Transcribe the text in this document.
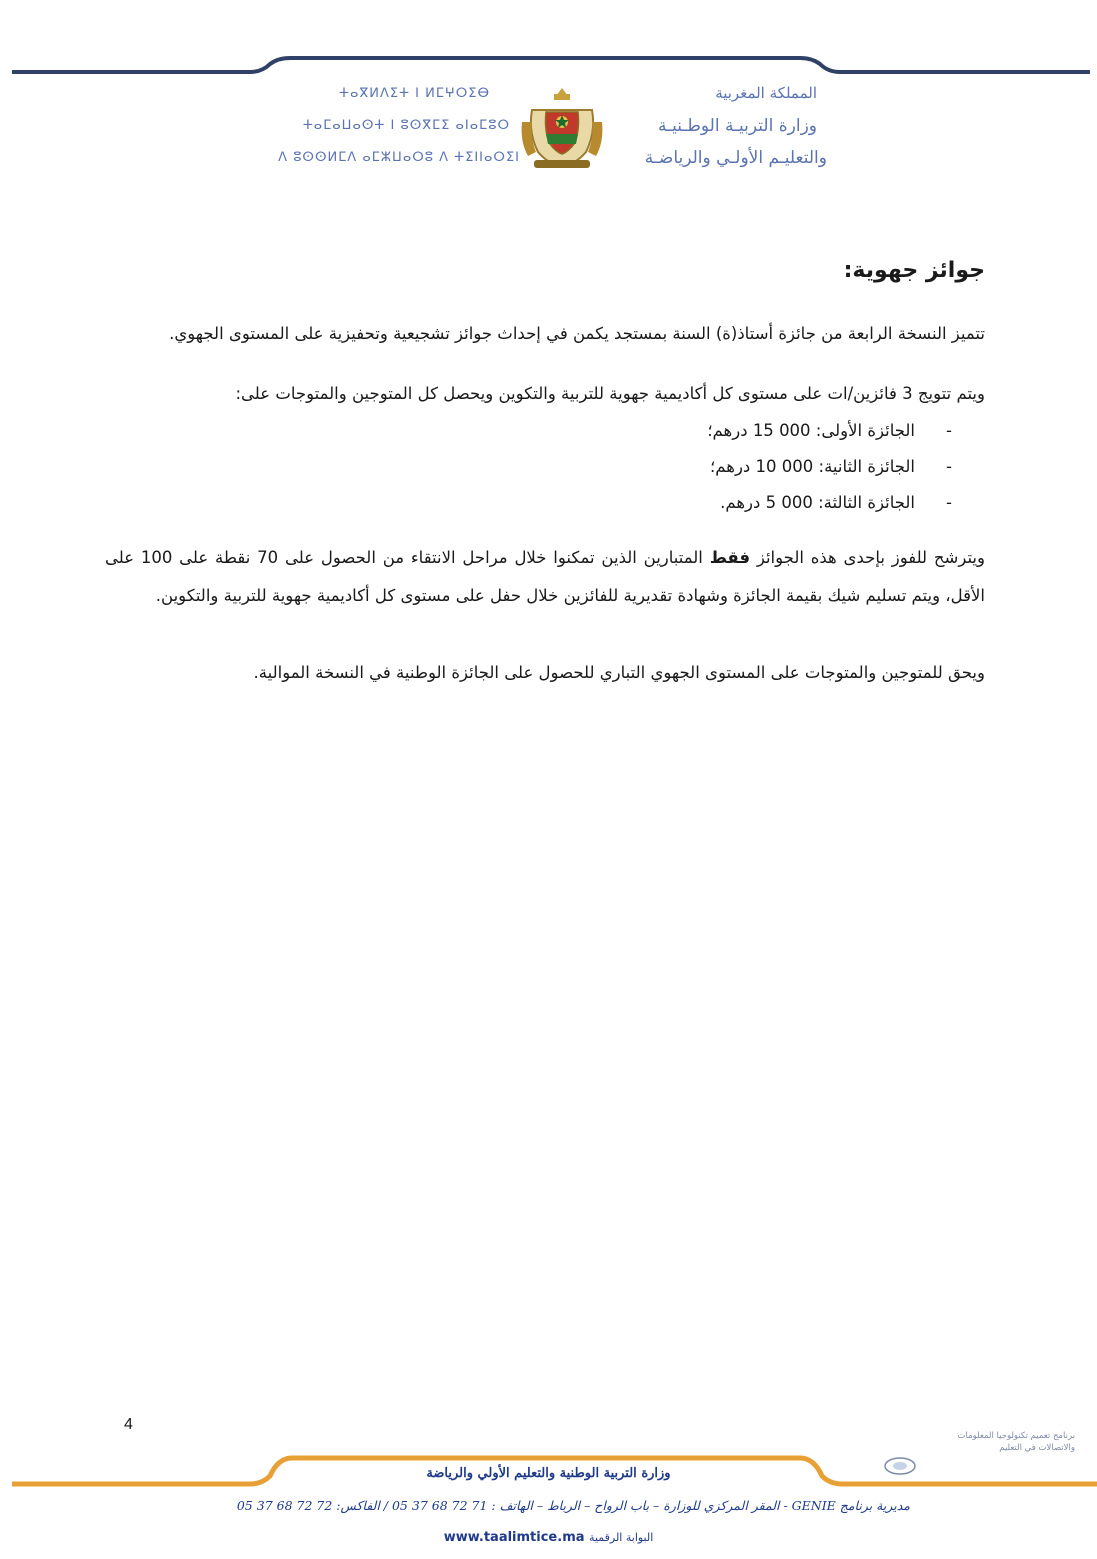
المملكة المغربية
وزارة التربيـة الوطـنيـة
والتعليـم الأولـي والرياضـة
ⵜⴰⴳⵍⴷⵉⵜ ⵏ ⵍⵎⵖⵔⵉⴱ
ⵜⴰⵎⴰⵡⴰⵙⵜ ⵏ ⵓⵙⴳⵎⵉ ⴰⵏⴰⵎⵓⵔ
ⴷ ⵓⵙⵙⵍⵎⴷ ⴰⵎⵣⵡⴰⵔⵓ ⴷ ⵜⵉⵏⵏⴰⵔⵉⵏ
جوائز جهوية:
تتميز النسخة الرابعة من جائزة أستاذ(ة) السنة بمستجد يكمن في إحداث جوائز تشجيعية وتحفيزية على المستوى الجهوي.
ويتم تتويج 3 فائزين/ات على مستوى كل أكاديمية جهوية للتربية والتكوين ويحصل كل المتوجين والمتوجات على:
-
الجائزة الأولى: 000 15 درهم؛
-
الجائزة الثانية: 000 10 درهم؛
-
الجائزة الثالثة: 000 5 درهم.
ويترشح للفوز بإحدى هذه الجوائز فقط المتبارين الذين تمكنوا خلال مراحل الانتقاء من الحصول على 70 نقطة على 100 على الأقل، ويتم تسليم شيك بقيمة الجائزة وشهادة تقديرية للفائزين خلال حفل على مستوى كل أكاديمية جهوية للتربية والتكوين.
ويحق للمتوجين والمتوجات على المستوى الجهوي التباري للحصول على الجائزة الوطنية في النسخة الموالية.
4
برنامج تعميم تكنولوجيا المعلومات
والاتصالات في التعليم
وزارة التربية الوطنية والتعليم الأولي والرياضة
مديرية برنامج GENIE - المقر المركزي للوزارة – باب الرواح – الرباط – الهاتف : 71 72 68 37 05 / الفاكس: 72 72 68 37 05
www.taalimtice.ma البوابة الرقمية
